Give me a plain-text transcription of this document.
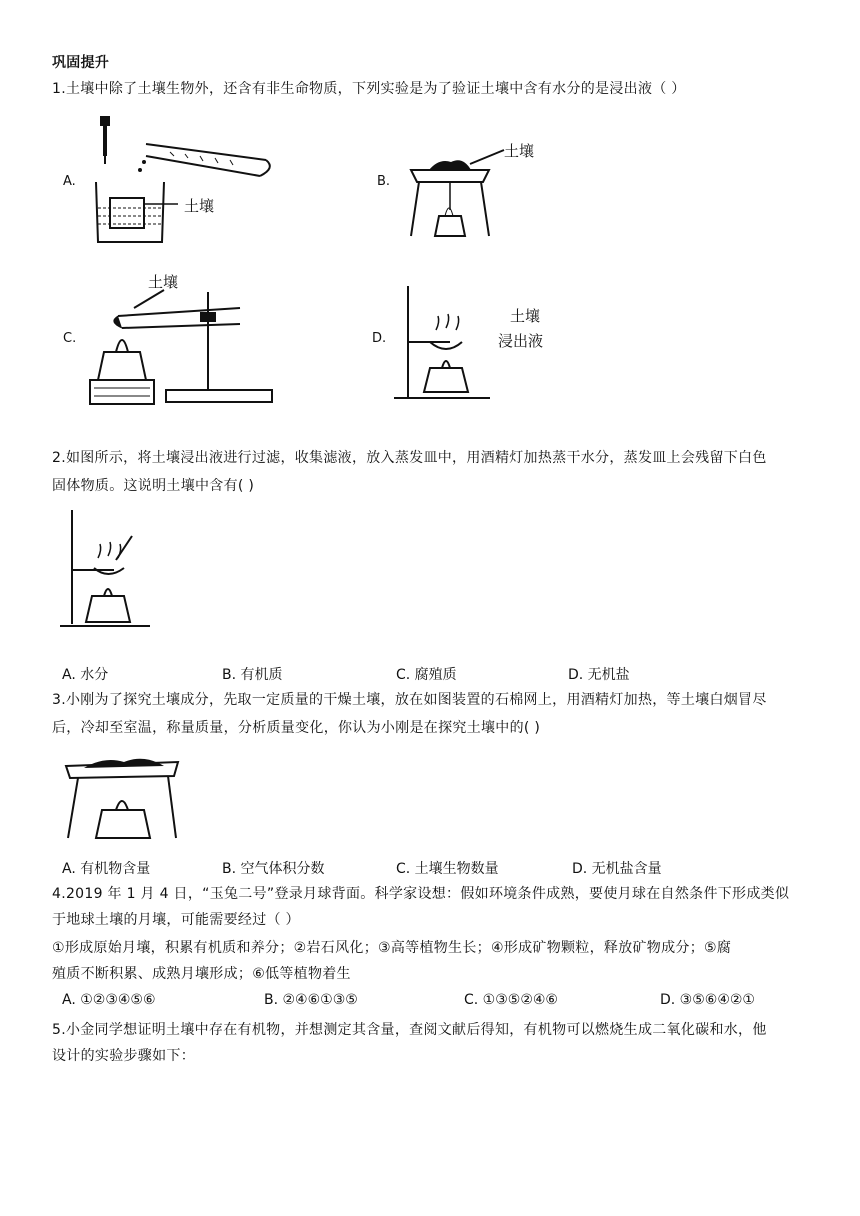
巩固提升
1.土壤中除了土壤生物外，还含有非生命物质，下列实验是为了验证土壤中含有水分的是浸出液（ ）
A.
土壤
B.
土壤
C.
土壤
D.
土壤
浸出液
2.如图所示，将土壤浸出液进行过滤，收集滤液，放入蒸发皿中，用酒精灯加热蒸干水分，蒸发皿上会残留下白色
固体物质。这说明土壤中含有( )
A. 水分	B. 有机质	C. 腐殖质	D. 无机盐
3.小刚为了探究土壤成分，先取一定质量的干燥土壤，放在如图装置的石棉网上，用酒精灯加热，等土壤白烟冒尽
后，冷却至室温，称量质量，分析质量变化，你认为小刚是在探究土壤中的( )
A. 有机物含量	B. 空气体积分数	C. 土壤生物数量	D. 无机盐含量
4.2019 年 1 月 4 日，“玉兔二号”登录月球背面。科学家设想：假如环境条件成熟，要使月球在自然条件下形成类似
于地球土壤的月壤，可能需要经过（ ）
①形成原始月壤，积累有机质和养分；②岩石风化；③高等植物生长；④形成矿物颗粒，释放矿物成分；⑤腐
殖质不断积累、成熟月壤形成；⑥低等植物着生
A. ①②③④⑤⑥	B. ②④⑥①③⑤	C. ①③⑤②④⑥	D. ③⑤⑥④②①
5.小金同学想证明土壤中存在有机物，并想测定其含量，查阅文献后得知，有机物可以燃烧生成二氧化碳和水，他
设计的实验步骤如下：
